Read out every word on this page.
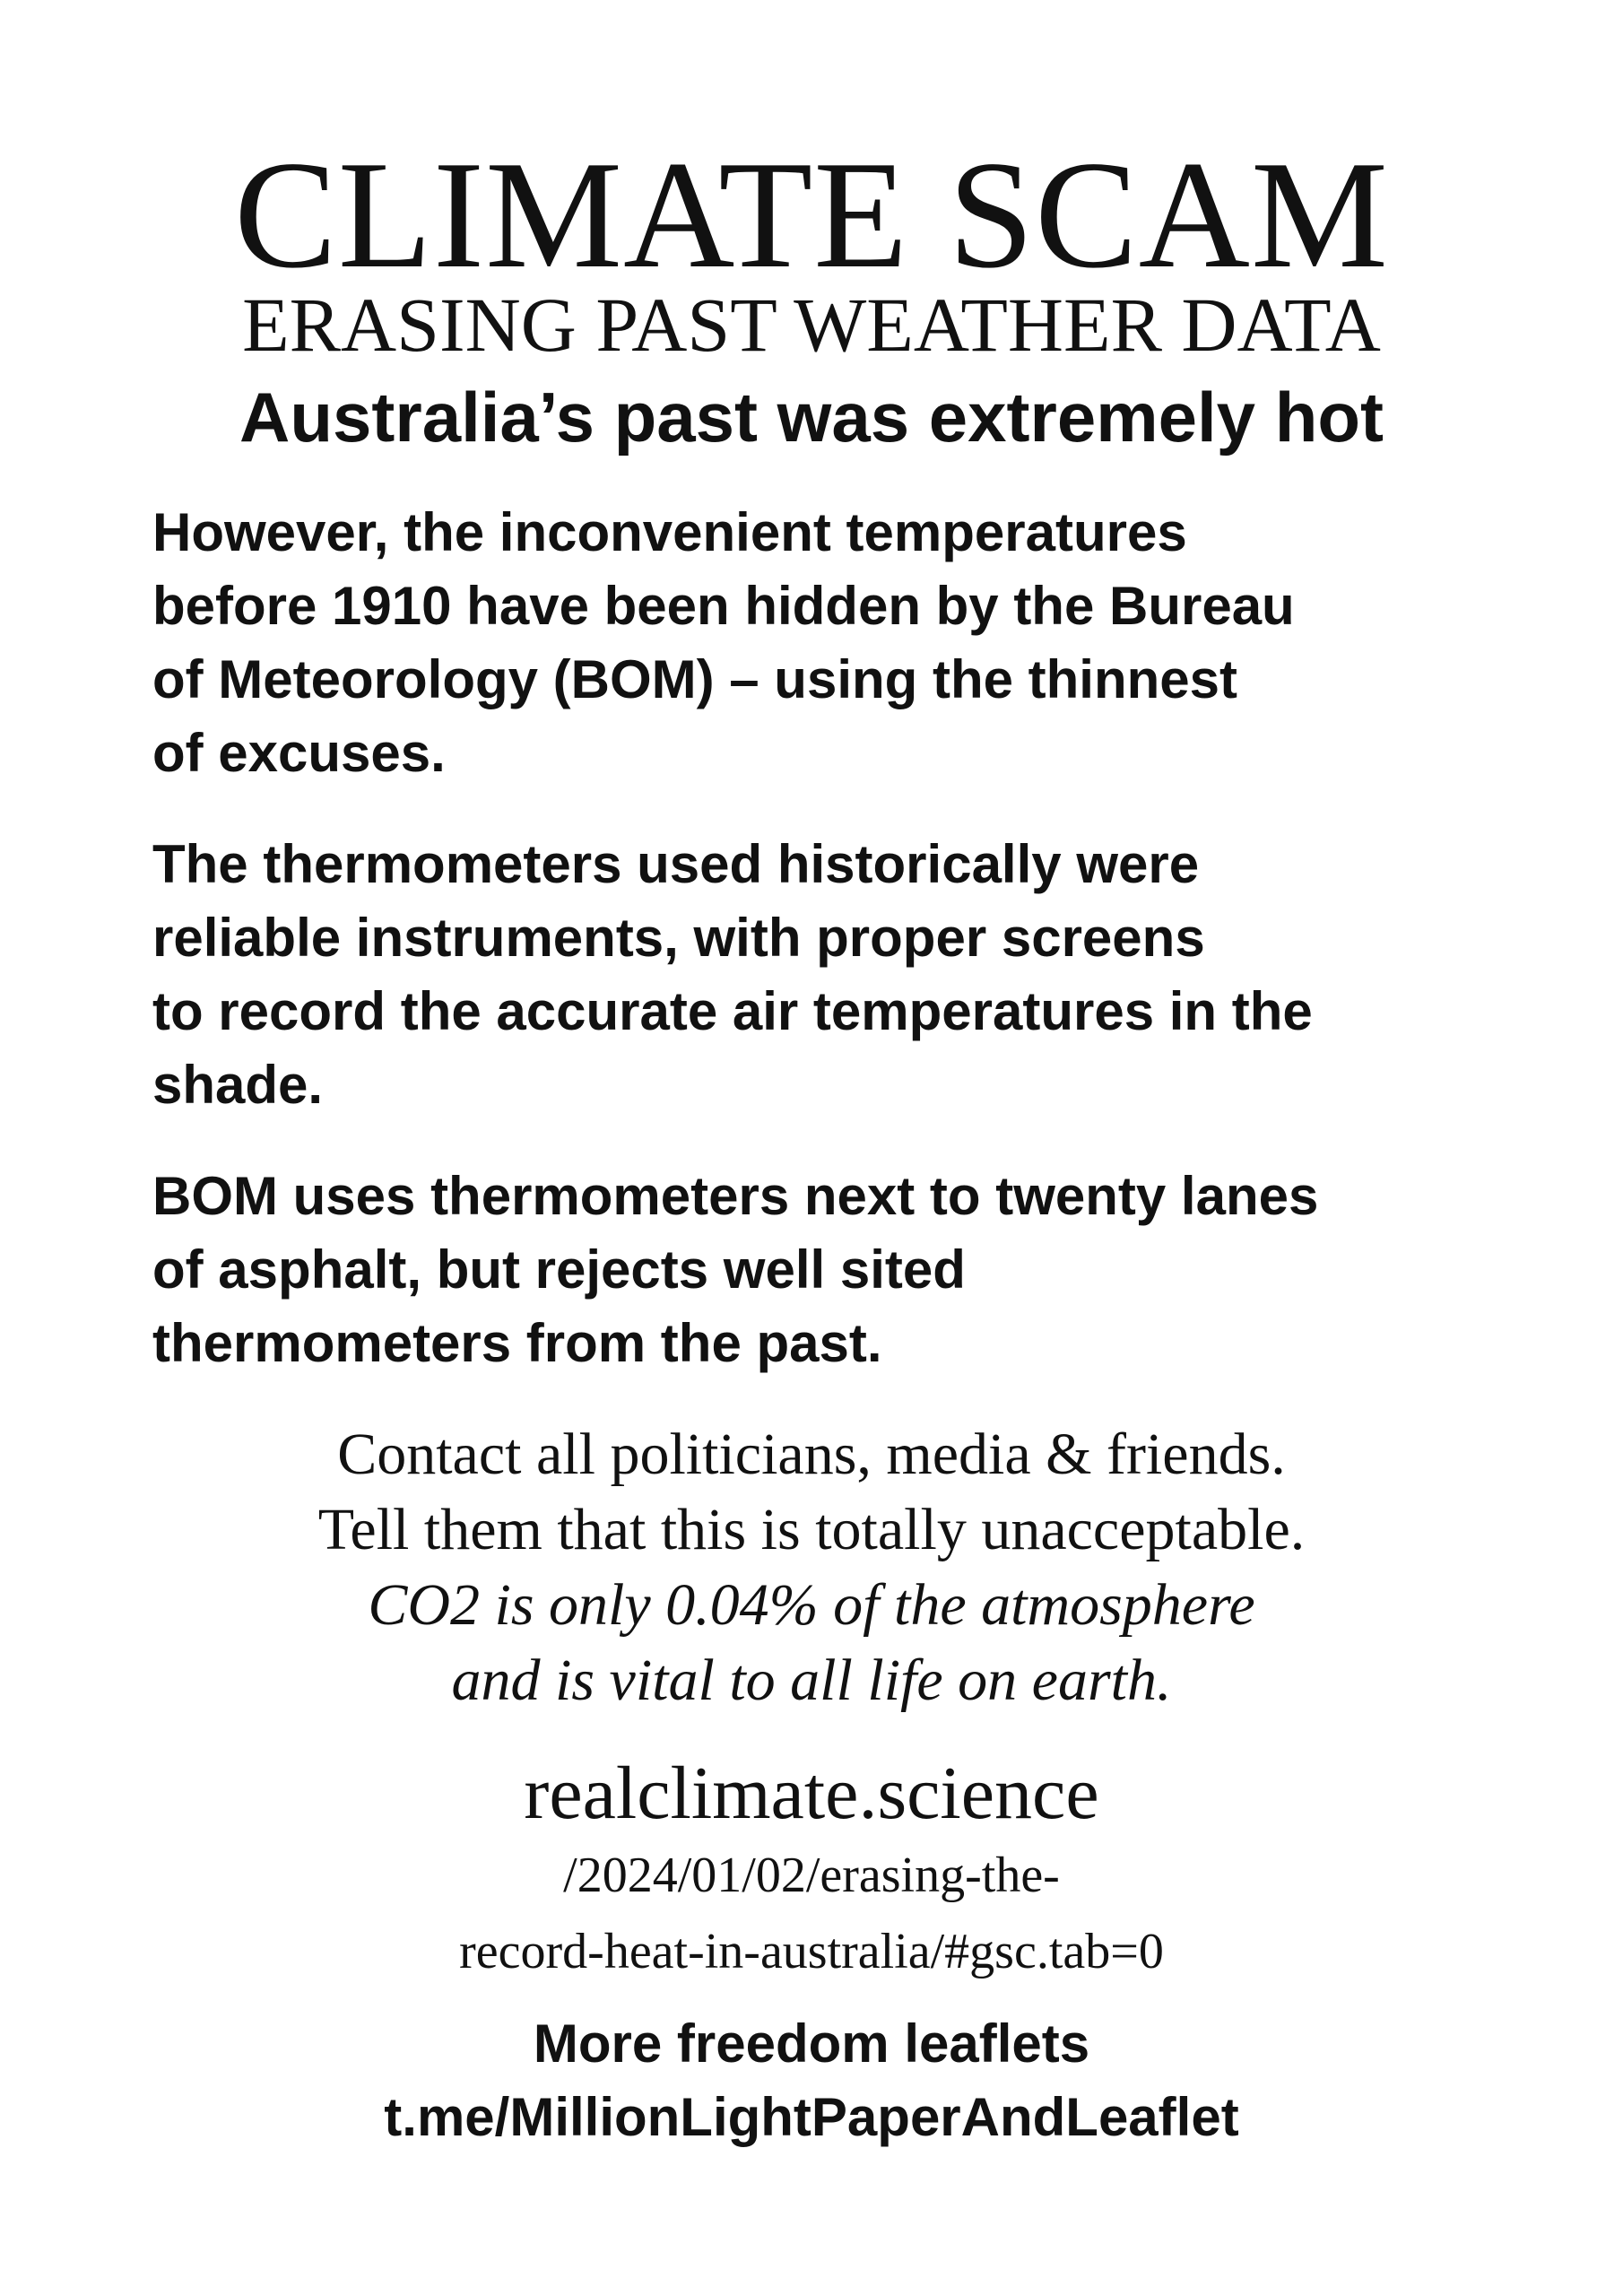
CLIMATE SCAM
ERASING PAST WEATHER DATA
Australia’s past was extremely hot
However, the inconvenient temperatures
before 1910 have been hidden by the Bureau
of Meteorology (BOM) – using the thinnest
of excuses.
The thermometers used historically were
reliable instruments, with proper screens
to record the accurate air temperatures in the
shade.
BOM uses thermometers next to twenty lanes
of asphalt, but rejects well sited
thermometers from the past.
Contact all politicians, media & friends.
Tell them that this is totally unacceptable.
CO2 is only 0.04% of the atmosphere
and is vital to all life on earth.
realclimate.science
/2024/01/02/erasing-the-
record-heat-in-australia/#gsc.tab=0
More freedom leaflets
t.me/MillionLightPaperAndLeaflet
